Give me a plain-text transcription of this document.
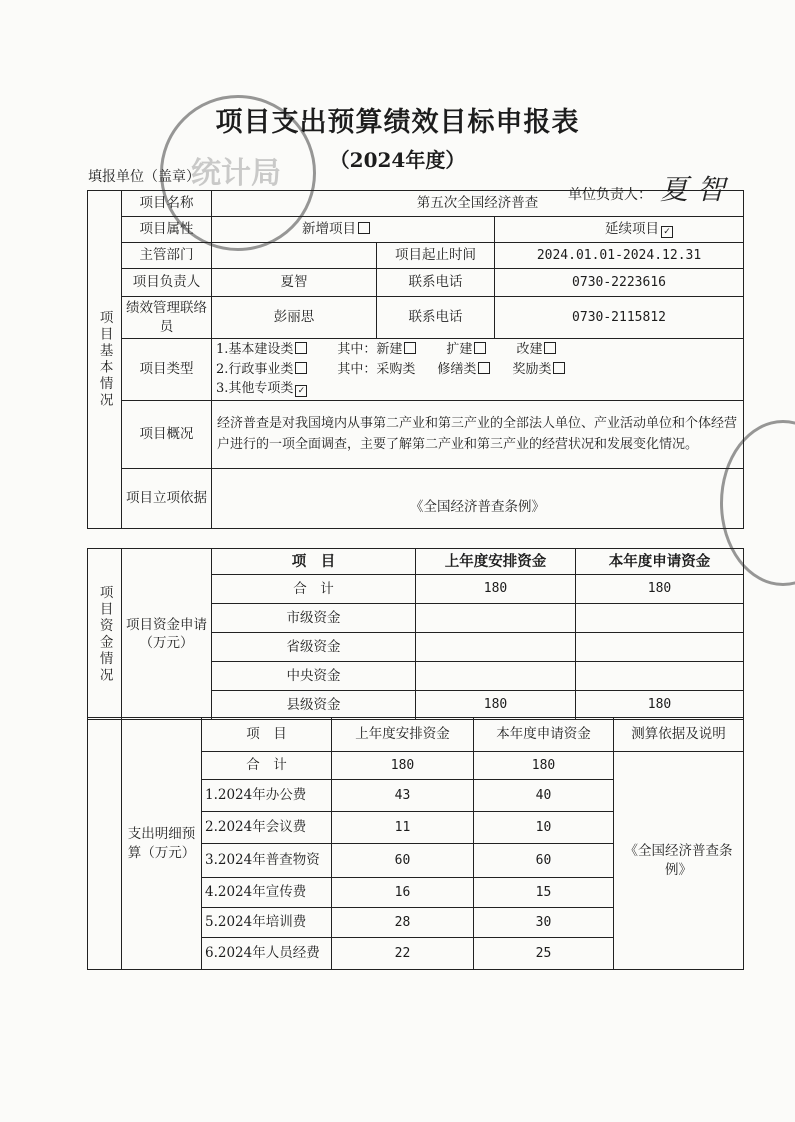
统计局
项目支出预算绩效目标申报表
（2024年度）
填报单位（盖章）
单位负责人： 夏 智
项目基本情况	项目名称	第五次全国经济普查		
	项目属性	新增项目		延续项目 ✓
	主管部门		项目起止时间	2024.01.01-2024.12.31
	项目负责人	夏智	联系电话	0730-2223616
	绩效管理联络员	彭丽思	联系电话	0730-2115812
	项目类型	1.基本建设类 其中：新建 扩建 改建
2.行政事业类 其中：采购类 修缮类 奖励类
3.其他专项类 ✓		

	项目概况	经济普查是对我国境内从事第二产业和第三产业的全部法人单位、产业活动单位和个体经营户进行的一项全面调查，主要了解第二产业和第三产业的经营状况和发展变化情况。		
	项目立项依据	《全国经济普查条例》		
项目资金情况	项目资金申请（万元）	项　目	上年度安排资金	本年度申请资金
		合　计	180	180
		市级资金		
		省级资金		
		中央资金		
		县级资金	180	180
	支出明细预算（万元）	项　目	上年度安排资金	本年度申请资金	测算依据及说明
		合　计	180	180	《全国经济普查条例》
		1.2024年办公费	43	40	
		2.2024年会议费	11	10	
		3.2024年普查物资	60	60	
		4.2024年宣传费	16	15	
		5.2024年培训费	28	30	
		6.2024年人员经费	22	25	
